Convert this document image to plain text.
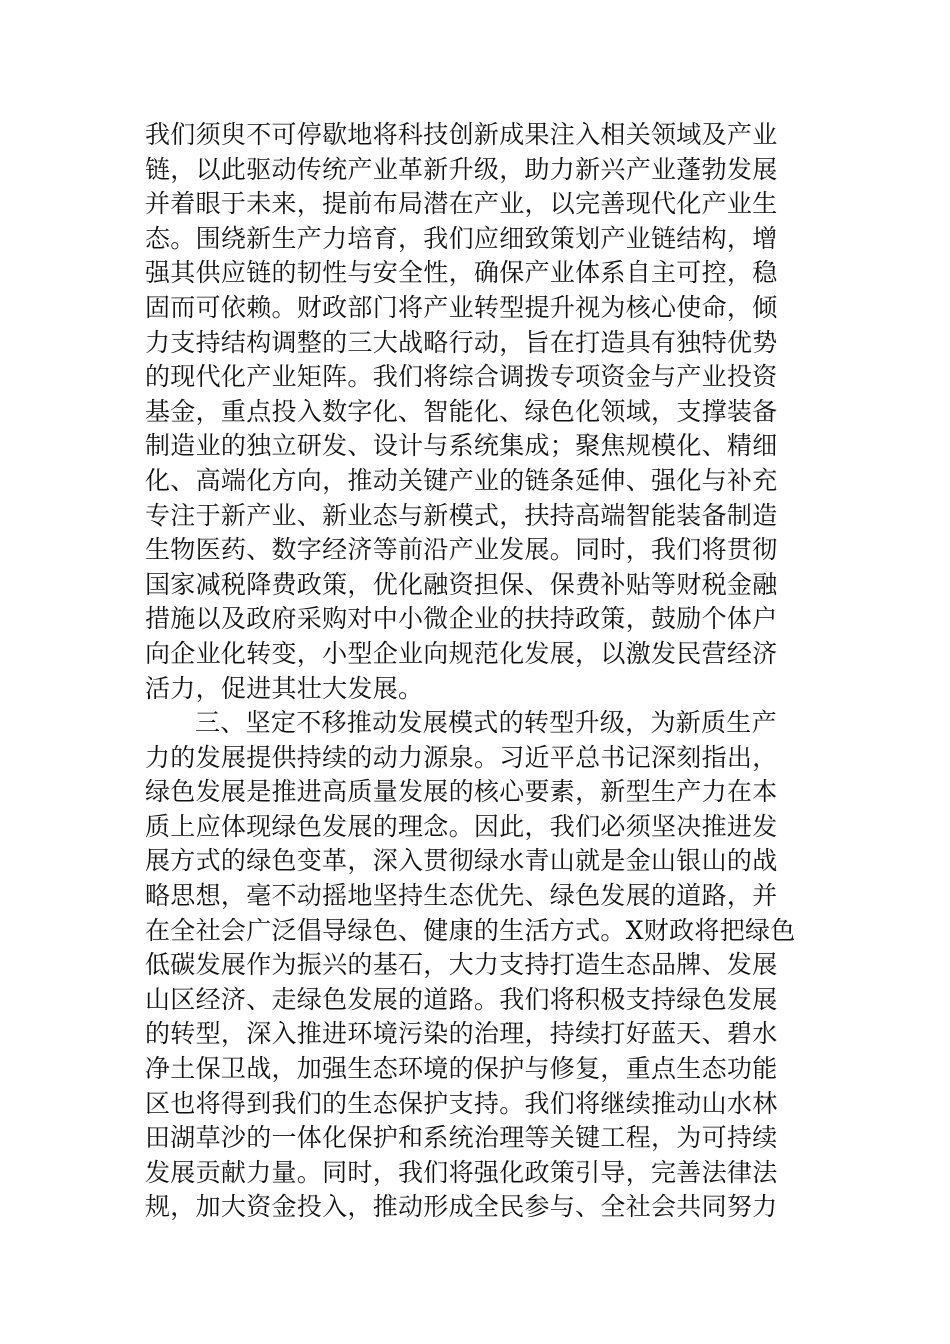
我们须臾不可停歇地将科技创新成果注入相关领域及产业
链，以此驱动传统产业革新升级，助力新兴产业蓬勃发展
并着眼于未来，提前布局潜在产业，以完善现代化产业生
态。围绕新生产力培育，我们应细致策划产业链结构，增
强其供应链的韧性与安全性，确保产业体系自主可控，稳
固而可依赖。财政部门将产业转型提升视为核心使命，倾
力支持结构调整的三大战略行动，旨在打造具有独特优势
的现代化产业矩阵。我们将综合调拨专项资金与产业投资
基金，重点投入数字化、智能化、绿色化领域，支撑装备
制造业的独立研发、设计与系统集成；聚焦规模化、精细
化、高端化方向，推动关键产业的链条延伸、强化与补充
专注于新产业、新业态与新模式，扶持高端智能装备制造
生物医药、数字经济等前沿产业发展。同时，我们将贯彻
国家减税降费政策，优化融资担保、保费补贴等财税金融
措施以及政府采购对中小微企业的扶持政策，鼓励个体户
向企业化转变，小型企业向规范化发展，以激发民营经济
活力，促进其壮大发展。
三、坚定不移推动发展模式的转型升级，为新质生产
力的发展提供持续的动力源泉。习近平总书记深刻指出，
绿色发展是推进高质量发展的核心要素，新型生产力在本
质上应体现绿色发展的理念。因此，我们必须坚决推进发
展方式的绿色变革，深入贯彻绿水青山就是金山银山的战
略思想，毫不动摇地坚持生态优先、绿色发展的道路，并
在全社会广泛倡导绿色、健康的生活方式。X财政将把绿色
低碳发展作为振兴的基石，大力支持打造生态品牌、发展
山区经济、走绿色发展的道路。我们将积极支持绿色发展
的转型，深入推进环境污染的治理，持续打好蓝天、碧水
净土保卫战，加强生态环境的保护与修复，重点生态功能
区也将得到我们的生态保护支持。我们将继续推动山水林
田湖草沙的一体化保护和系统治理等关键工程，为可持续
发展贡献力量。同时，我们将强化政策引导，完善法律法
规，加大资金投入，推动形成全民参与、全社会共同努力
